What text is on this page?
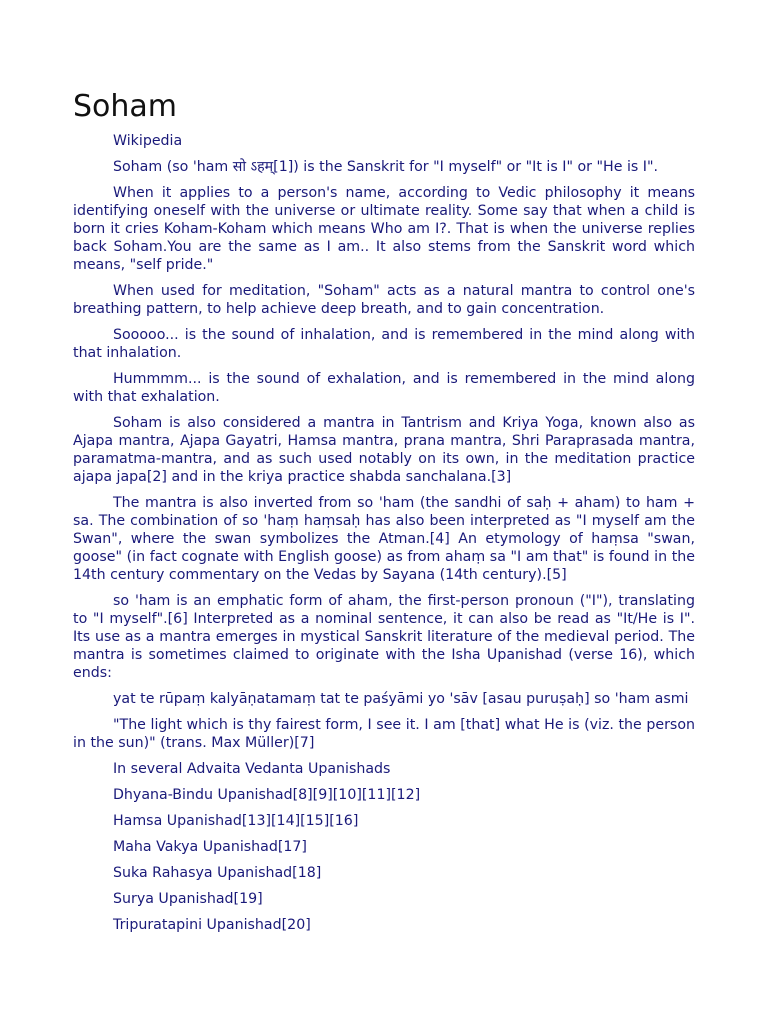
Soham

Wikipedia

Soham (so 'ham सो ऽहम्[1]) is the Sanskrit for "I myself" or "It is I" or "He is I".

When it applies to a person's name, according to Vedic philosophy it means identifying oneself with the universe or ultimate reality. Some say that when a child is born it cries Koham-Koham which means Who am I?. That is when the universe replies back Soham.You are the same as I am.. It also stems from the Sanskrit word which means, "self pride."

When used for meditation, "Soham" acts as a natural mantra to control one's breathing pattern, to help achieve deep breath, and to gain concentration.

Sooooo... is the sound of inhalation, and is remembered in the mind along with that inhalation.

Hummmm... is the sound of exhalation, and is remembered in the mind along with that exhalation.

Soham is also considered a mantra in Tantrism and Kriya Yoga, known also as Ajapa mantra, Ajapa Gayatri, Hamsa mantra, prana mantra, Shri Paraprasada mantra, paramatma-mantra, and as such used notably on its own, in the meditation practice ajapa japa[2] and in the kriya practice shabda sanchalana.[3]

The mantra is also inverted from so 'ham (the sandhi of saḥ + aham) to ham + sa. The combination of so 'haṃ haṃsaḥ has also been interpreted as "I myself am the Swan", where the swan symbolizes the Atman.[4] An etymology of haṃsa "swan, goose" (in fact cognate with English goose) as from ahaṃ sa "I am that" is found in the 14th century commentary on the Vedas by Sayana (14th century).[5]

so 'ham is an emphatic form of aham, the first-person pronoun ("I"), translating to "I myself".[6] Interpreted as a nominal sentence, it can also be read as "It/He is I". Its use as a mantra emerges in mystical Sanskrit literature of the medieval period. The mantra is sometimes claimed to originate with the Isha Upanishad (verse 16), which ends:

yat te rūpaṃ kalyāṇatamaṃ tat te paśyāmi yo 'sāv [asau puruṣaḥ] so 'ham asmi

"The light which is thy fairest form, I see it. I am [that] what He is (viz. the person in the sun)" (trans. Max Müller)[7]

In several Advaita Vedanta Upanishads
Dhyana-Bindu Upanishad[8][9][10][11][12]
Hamsa Upanishad[13][14][15][16]
Maha Vakya Upanishad[17]
Suka Rahasya Upanishad[18]
Surya Upanishad[19]
Tripuratapini Upanishad[20]
